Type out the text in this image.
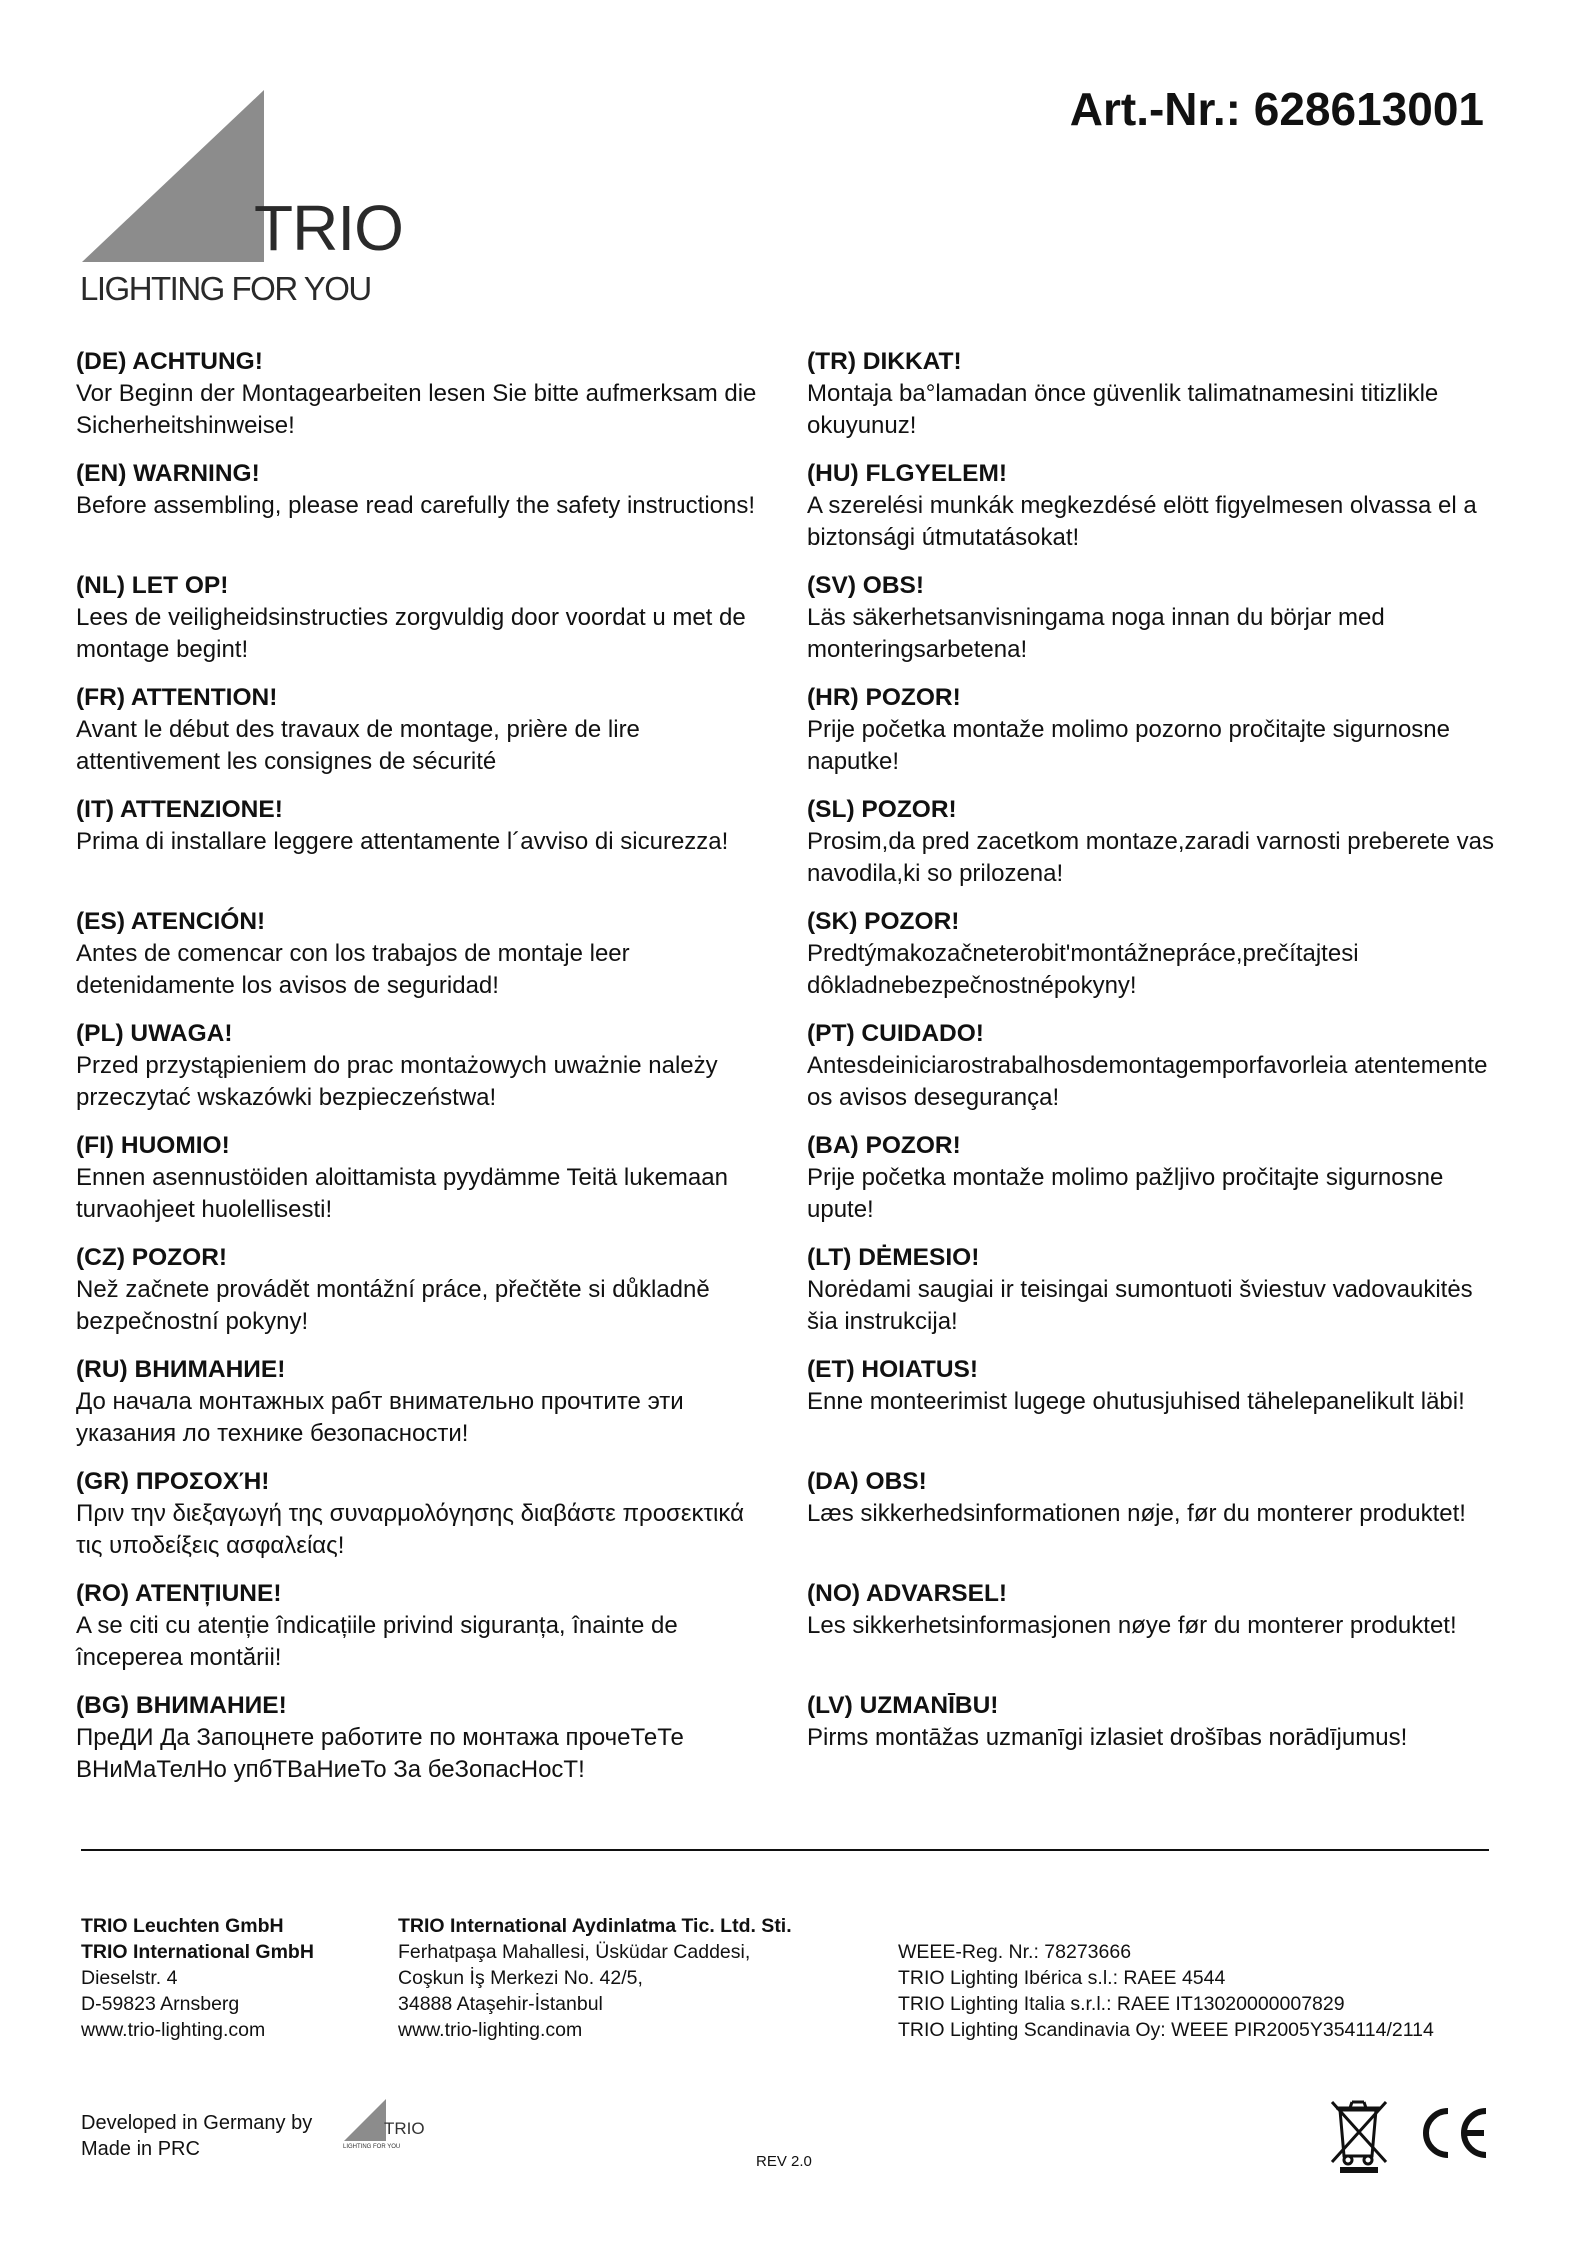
TRIO
LIGHTING FOR YOU
Art.-Nr.: 628613001
(DE) ACHTUNG!
Vor Beginn der Montagearbeiten lesen Sie bitte aufmerksam die Sicherheitshinweise!
(EN) WARNING!
Before assembling, please read carefully the safety instructions!
(NL) LET OP!
Lees de veiligheidsinstructies zorgvuldig door voordat u met de montage begint!
(FR) ATTENTION!
Avant le début des travaux de montage, prière de lire attentivement les consignes de sécurité
(IT) ATTENZIONE!
Prima di installare leggere attentamente l´avviso di sicurezza!
(ES) ATENCIÓN!
Antes de comencar con los trabajos de montaje leer detenidamente los avisos de seguridad!
(PL) UWAGA!
Przed przystąpieniem do prac montażowych uważnie należy przeczytać wskazówki bezpieczeństwa!
(FI) HUOMIO!
Ennen asennustöiden aloittamista pyydämme Teitä lukemaan turvaohjeet huolellisesti!
(CZ) POZOR!
Než začnete provádět montážní práce, přečtěte si důkladně bezpečnostní pokyny!
(RU) ВНИМАНИЕ!
До начала монтажных рабт внимательно прочтите эти указания ло технике безопасности!
(GR) ΠΡΟΣΟΧΉ!
Πριν την διεξαγωγή της συναρμολόγησης διαβάστε προσεκτικά τις υποδείξεις ασφαλείας!
(RO) ATENȚIUNE!
A se citi cu atenție îndicațiile privind siguranța, înainte de începerea montării!
(BG) ВНИМАНИЕ!
ПреДИ Да Запоцнете работите по монтажа прочеТеТе ВНиМаТелНо упбТВаНиеТо За беЗопасНосТ!
(TR) DIKKAT!
Montaja ba°lamadan önce güvenlik talimatnamesini titizlikle okuyunuz!
(HU) FLGYELEM!
A szerelési munkák megkezdésé elött figyelmesen olvassa el a biztonsági útmutatásokat!
(SV) OBS!
Läs säkerhetsanvisningama noga innan du börjar med monteringsarbetena!
(HR) POZOR!
Prije početka montaže molimo pozorno pročitajte sigurnosne naputke!
(SL) POZOR!
Prosim,da pred zacetkom montaze,zaradi varnosti preberete vas navodila,ki so prilozena!
(SK) POZOR!
Predtýmakozačneterobit'montážnepráce,prečítajtesi dôkladnebezpečnostnépokyny!
(PT) CUIDADO!
Antesdeiniciarostrabalhosdemontagemporfavorleia atentemente os avisos desegurança!
(BA) POZOR!
Prije početka montaže molimo pažljivo pročitajte sigurnosne upute!
(LT) DĖMESIO!
Norėdami saugiai ir teisingai sumontuoti šviestuv vadovaukitės šia instrukcija!
(ET) HOIATUS!
Enne monteerimist lugege ohutusjuhised tähelepanelikult läbi!
(DA) OBS!
Læs sikkerhedsinformationen nøje, før du monterer produktet!
(NO) ADVARSEL!
Les sikkerhetsinformasjonen nøye før du monterer produktet!
(LV) UZMANĪBU!
Pirms montāžas uzmanīgi izlasiet drošības norādījumus!
TRIO Leuchten GmbH
TRIO International GmbH
Dieselstr. 4
D-59823 Arnsberg
www.trio-lighting.com
TRIO International Aydinlatma Tic. Ltd. Sti.
Ferhatpaşa Mahallesi, Üsküdar Caddesi,
Coşkun İş Merkezi No. 42/5,
34888 Ataşehir-İstanbul
www.trio-lighting.com
WEEE-Reg. Nr.: 78273666
TRIO Lighting Ibérica s.l.: RAEE 4544
TRIO Lighting Italia s.r.l.: RAEE IT13020000007829
TRIO Lighting Scandinavia Oy: WEEE PIR2005Y354114/2114
Developed in Germany by
Made in PRC
TRIO
LIGHTING FOR YOU
REV 2.0
